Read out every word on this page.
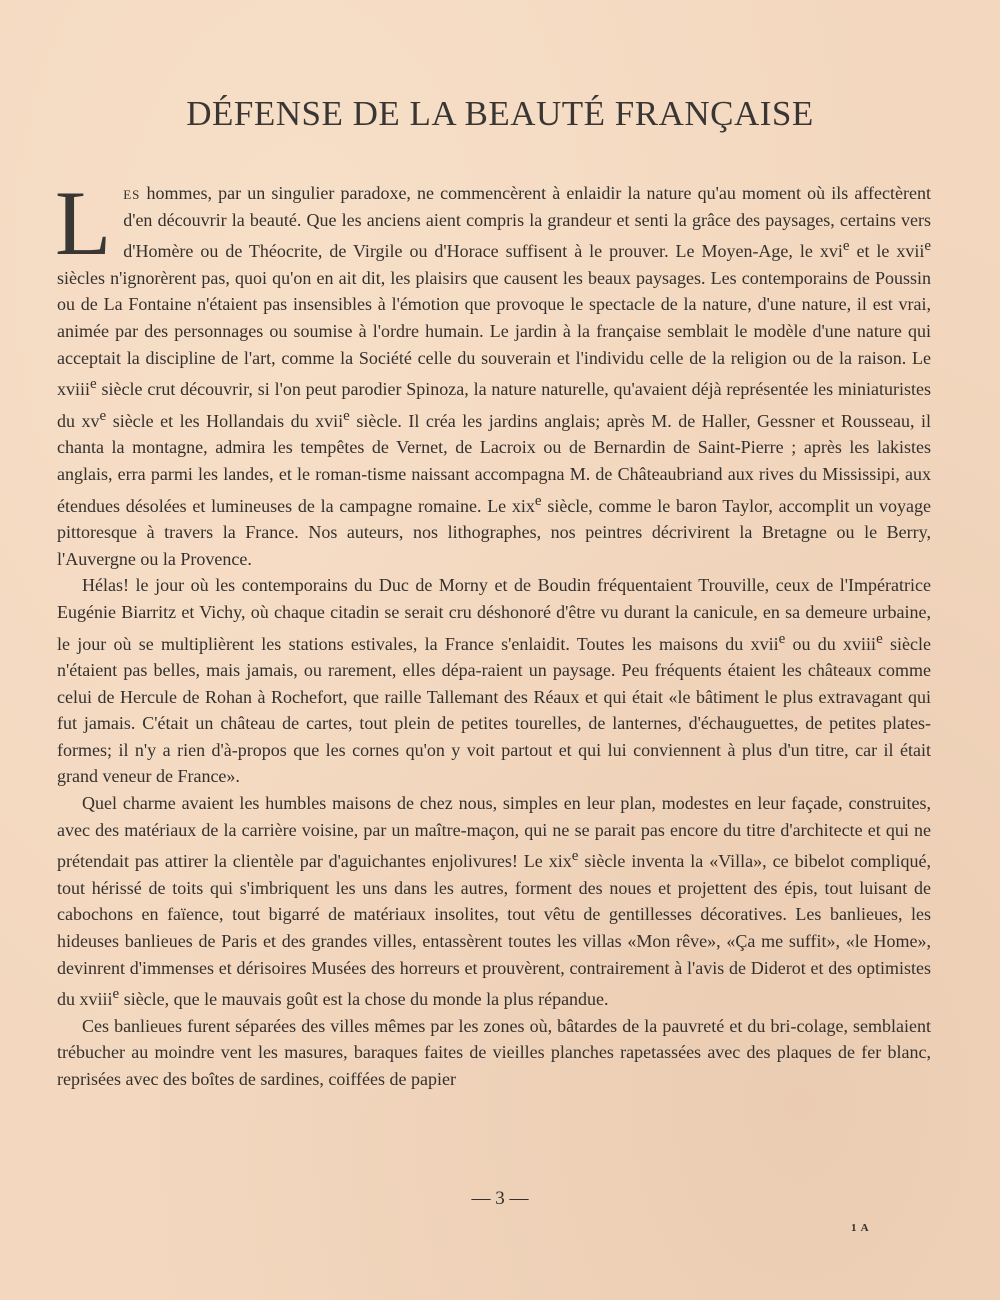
DÉFENSE DE LA BEAUTÉ FRANÇAISE

Les hommes, par un singulier paradoxe, ne commencèrent à enlaidir la nature qu'au moment où ils affectèrent d'en découvrir la beauté. Que les anciens aient compris la grandeur et senti la grâce des paysages, certains vers d'Homère ou de Théocrite, de Virgile ou d'Horace suffisent à le prouver. Le Moyen-Age, le xvi$^e$ et le xvii$^e$ siècles n'ignorèrent pas, quoi qu'on en ait dit, les plaisirs que causent les beaux paysages. Les contemporains de Poussin ou de La Fontaine n'étaient pas insensibles à l'émotion que provoque le spectacle de la nature, d'une nature, il est vrai, animée par des personnages ou soumise à l'ordre humain. Le jardin à la française semblait le modèle d'une nature qui acceptait la discipline de l'art, comme la Société celle du souverain et l'individu celle de la religion ou de la raison. Le xviii$^e$ siècle crut découvrir, si l'on peut parodier Spinoza, la nature naturelle, qu'avaient déjà représentée les miniaturistes du $xv^e$ siècle et les Hollandais du xvii$^e$ siècle. Il créa les jardins anglais; après M. de Haller, Gessner et Rousseau, il chanta la montagne, admira les tempêtes de Vernet, de Lacroix ou de Bernardin de Saint-Pierre ; après les lakistes anglais, erra parmi les landes, et le roman-tisme naissant accompagna M. de Châteaubriand aux rives du Mississipi, aux étendues désolées et lumineuses de la campagne romaine. Le xix$^e$ siècle, comme le baron Taylor, accomplit un voyage pittoresque à travers la France. Nos auteurs, nos lithographes, nos peintres décrivirent la Bretagne ou le Berry, l'Auvergne ou la Provence.

Hélas! le jour où les contemporains du Duc de Morny et de Boudin fréquentaient Trouville, ceux de l'Impératrice Eugénie Biarritz et Vichy, où chaque citadin se serait cru déshonoré d'être vu durant la canicule, en sa demeure urbaine, le jour où se multiplièrent les stations estivales, la France s'enlaidit. Toutes les maisons du xvii$^e$ ou du xviii$^e$ siècle n'étaient pas belles, mais jamais, ou rarement, elles dépa-raient un paysage. Peu fréquents étaient les châteaux comme celui de Hercule de Rohan à Rochefort, que raille Tallemant des Réaux et qui était «le bâtiment le plus extravagant qui fut jamais. C'était un château de cartes, tout plein de petites tourelles, de lanternes, d'échauguettes, de petites plates-formes; il n'y a rien d'à-propos que les cornes qu'on y voit partout et qui lui conviennent à plus d'un titre, car il était grand veneur de France».

Quel charme avaient les humbles maisons de chez nous, simples en leur plan, modestes en leur façade, construites, avec des matériaux de la carrière voisine, par un maître-maçon, qui ne se parait pas encore du titre d'architecte et qui ne prétendait pas attirer la clientèle par d'aguichantes enjolivures! Le xix$^e$ siècle inventa la «Villa», ce bibelot compliqué, tout hérissé de toits qui s'imbriquent les uns dans les autres, forment des noues et projettent des épis, tout luisant de cabochons en faïence, tout bigarré de matériaux insolites, tout vêtu de gentillesses décoratives. Les banlieues, les hideuses banlieues de Paris et des grandes villes, entassèrent toutes les villas «Mon rêve», «Ça me suffit», «le Home», devinrent d'immenses et dérisoires Musées des horreurs et prouvèrent, contrairement à l'avis de Diderot et des optimistes du xviii$^e$ siècle, que le mauvais goût est la chose du monde la plus répandue.

Ces banlieues furent séparées des villes mêmes par les zones où, bâtardes de la pauvreté et du bri-colage, semblaient trébucher au moindre vent les masures, baraques faites de vieilles planches rapetassées avec des plaques de fer blanc, reprisées avec des boîtes de sardines, coiffées de papier

— 3 —
1 A
